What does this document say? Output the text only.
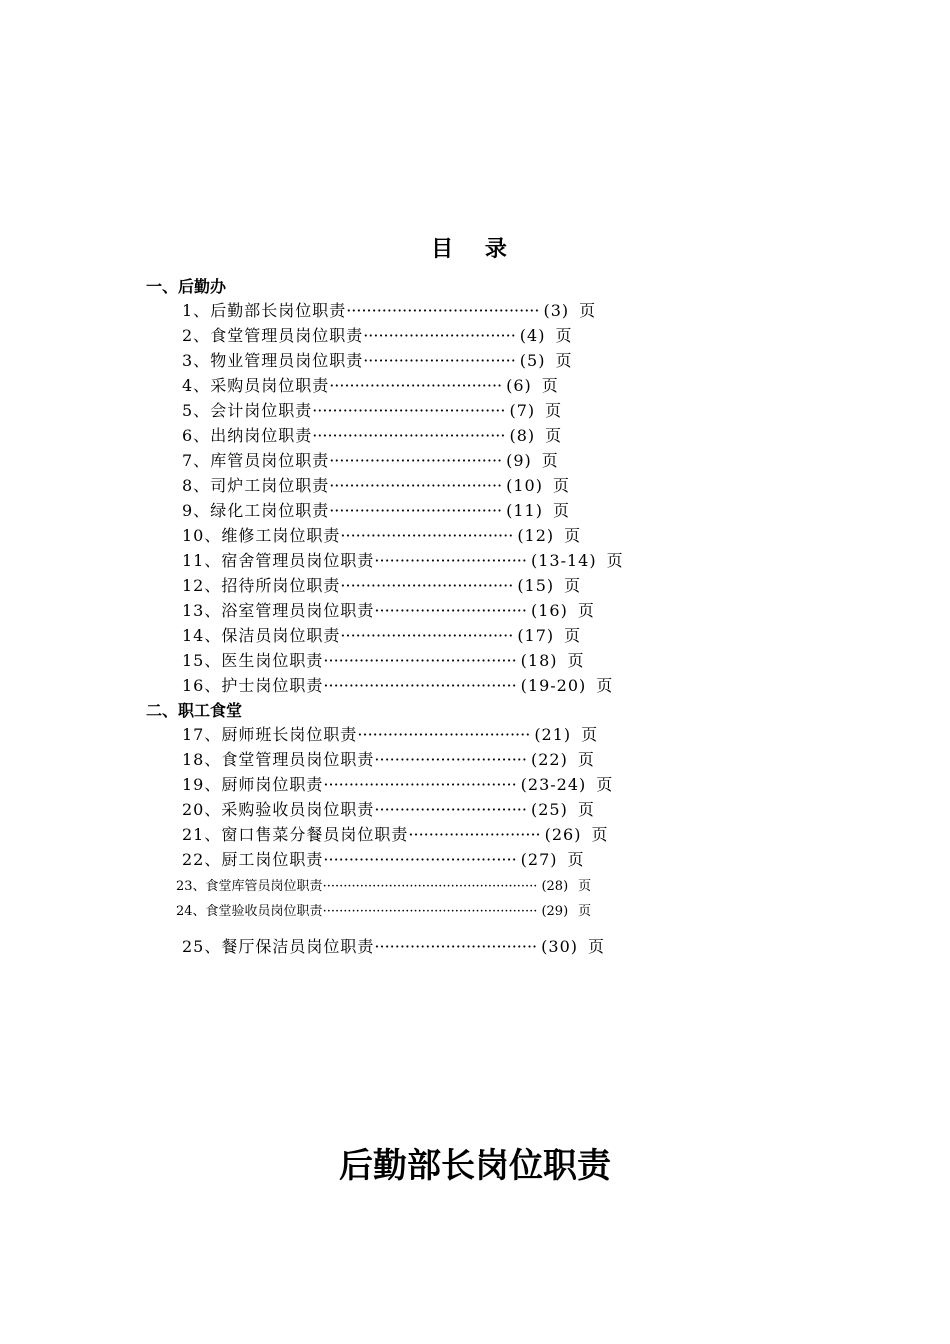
目 录
一、后勤办
二、职工食堂
1、后勤部长岗位职责······································ (3) 页
2、食堂管理员岗位职责······························ (4) 页
3、物业管理员岗位职责······························ (5) 页
4、采购员岗位职责·································· (6) 页
5、会计岗位职责······································ (7) 页
6、出纳岗位职责······································ (8) 页
7、库管员岗位职责·································· (9) 页
8、司炉工岗位职责·································· (10) 页
9、绿化工岗位职责·································· (11) 页
10、维修工岗位职责·································· (12) 页
11、宿舍管理员岗位职责······························ (13-14) 页
12、招待所岗位职责·································· (15) 页
13、浴室管理员岗位职责······························ (16) 页
14、保洁员岗位职责·································· (17) 页
15、医生岗位职责······································ (18) 页
16、护士岗位职责······································ (19-20) 页
17、厨师班长岗位职责·································· (21) 页
18、食堂管理员岗位职责······························ (22) 页
19、厨师岗位职责······································ (23-24) 页
20、采购验收员岗位职责······························ (25) 页
21、窗口售菜分餐员岗位职责·························· (26) 页
22、厨工岗位职责······································ (27) 页
23、食堂库管员岗位职责···················································· (28) 页
24、食堂验收员岗位职责···················································· (29) 页
25、餐厅保洁员岗位职责································ (30) 页
后勤部长岗位职责
